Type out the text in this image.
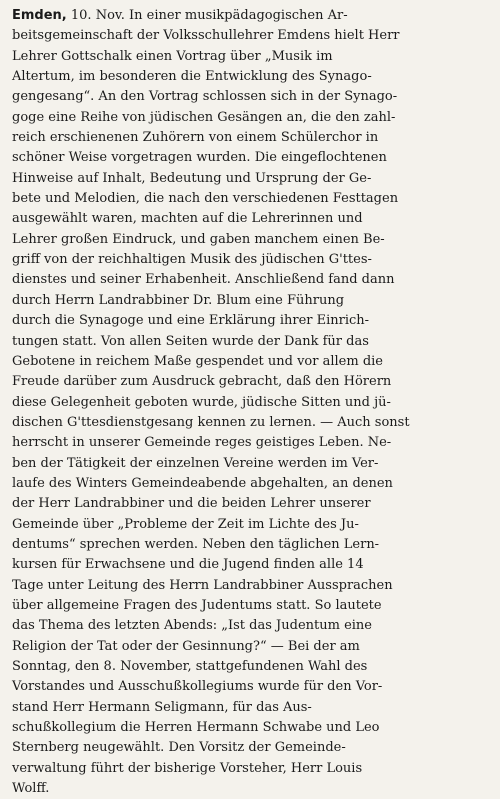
Emden, 10. Nov. In einer musikpädagogischen Ar-
beitsgemeinschaft der Volksschullehrer Emdens hielt Herr
Lehrer Gottschalk einen Vortrag über „Musik im
Altertum, im besonderen die Entwicklung des Synago-
gengesang“. An den Vortrag schlossen sich in der Synago-
goge eine Reihe von jüdischen Gesängen an, die den zahl-
reich erschienenen Zuhörern von einem Schülerchor in
schöner Weise vorgetragen wurden. Die eingeflochtenen
Hinweise auf Inhalt, Bedeutung und Ursprung der Ge-
bete und Melodien, die nach den verschiedenen Festtagen
ausgewählt waren, machten auf die Lehrerinnen und
Lehrer großen Eindruck, und gaben manchem einen Be-
griff von der reichhaltigen Musik des jüdischen G'ttes-
dienstes und seiner Erhabenheit. Anschließend fand dann
durch Herrn Landrabbiner Dr. Blum eine Führung
durch die Synagoge und eine Erklärung ihrer Einrich-
tungen statt. Von allen Seiten wurde der Dank für das
Gebotene in reichem Maße gespendet und vor allem die
Freude darüber zum Ausdruck gebracht, daß den Hörern
diese Gelegenheit geboten wurde, jüdische Sitten und jü-
dischen G'ttesdienstgesang kennen zu lernen. — Auch sonst
herrscht in unserer Gemeinde reges geistiges Leben. Ne-
ben der Tätigkeit der einzelnen Vereine werden im Ver-
laufe des Winters Gemeindeabende abgehalten, an denen
der Herr Landrabbiner und die beiden Lehrer unserer
Gemeinde über „Probleme der Zeit im Lichte des Ju-
dentums“ sprechen werden. Neben den täglichen Lern-
kursen für Erwachsene und die Jugend finden alle 14
Tage unter Leitung des Herrn Landrabbiner Aussprachen
über allgemeine Fragen des Judentums statt. So lautete
das Thema des letzten Abends: „Ist das Judentum eine
Religion der Tat oder der Gesinnung?“ — Bei der am
Sonntag, den 8. November, stattgefundenen Wahl des
Vorstandes und Ausschußkollegiums wurde für den Vor-
stand Herr Hermann Seligmann, für das Aus-
schußkollegium die Herren Hermann Schwabe und Leo
Sternberg neugewählt. Den Vorsitz der Gemeinde-
verwaltung führt der bisherige Vorsteher, Herr Louis
Wolff.
